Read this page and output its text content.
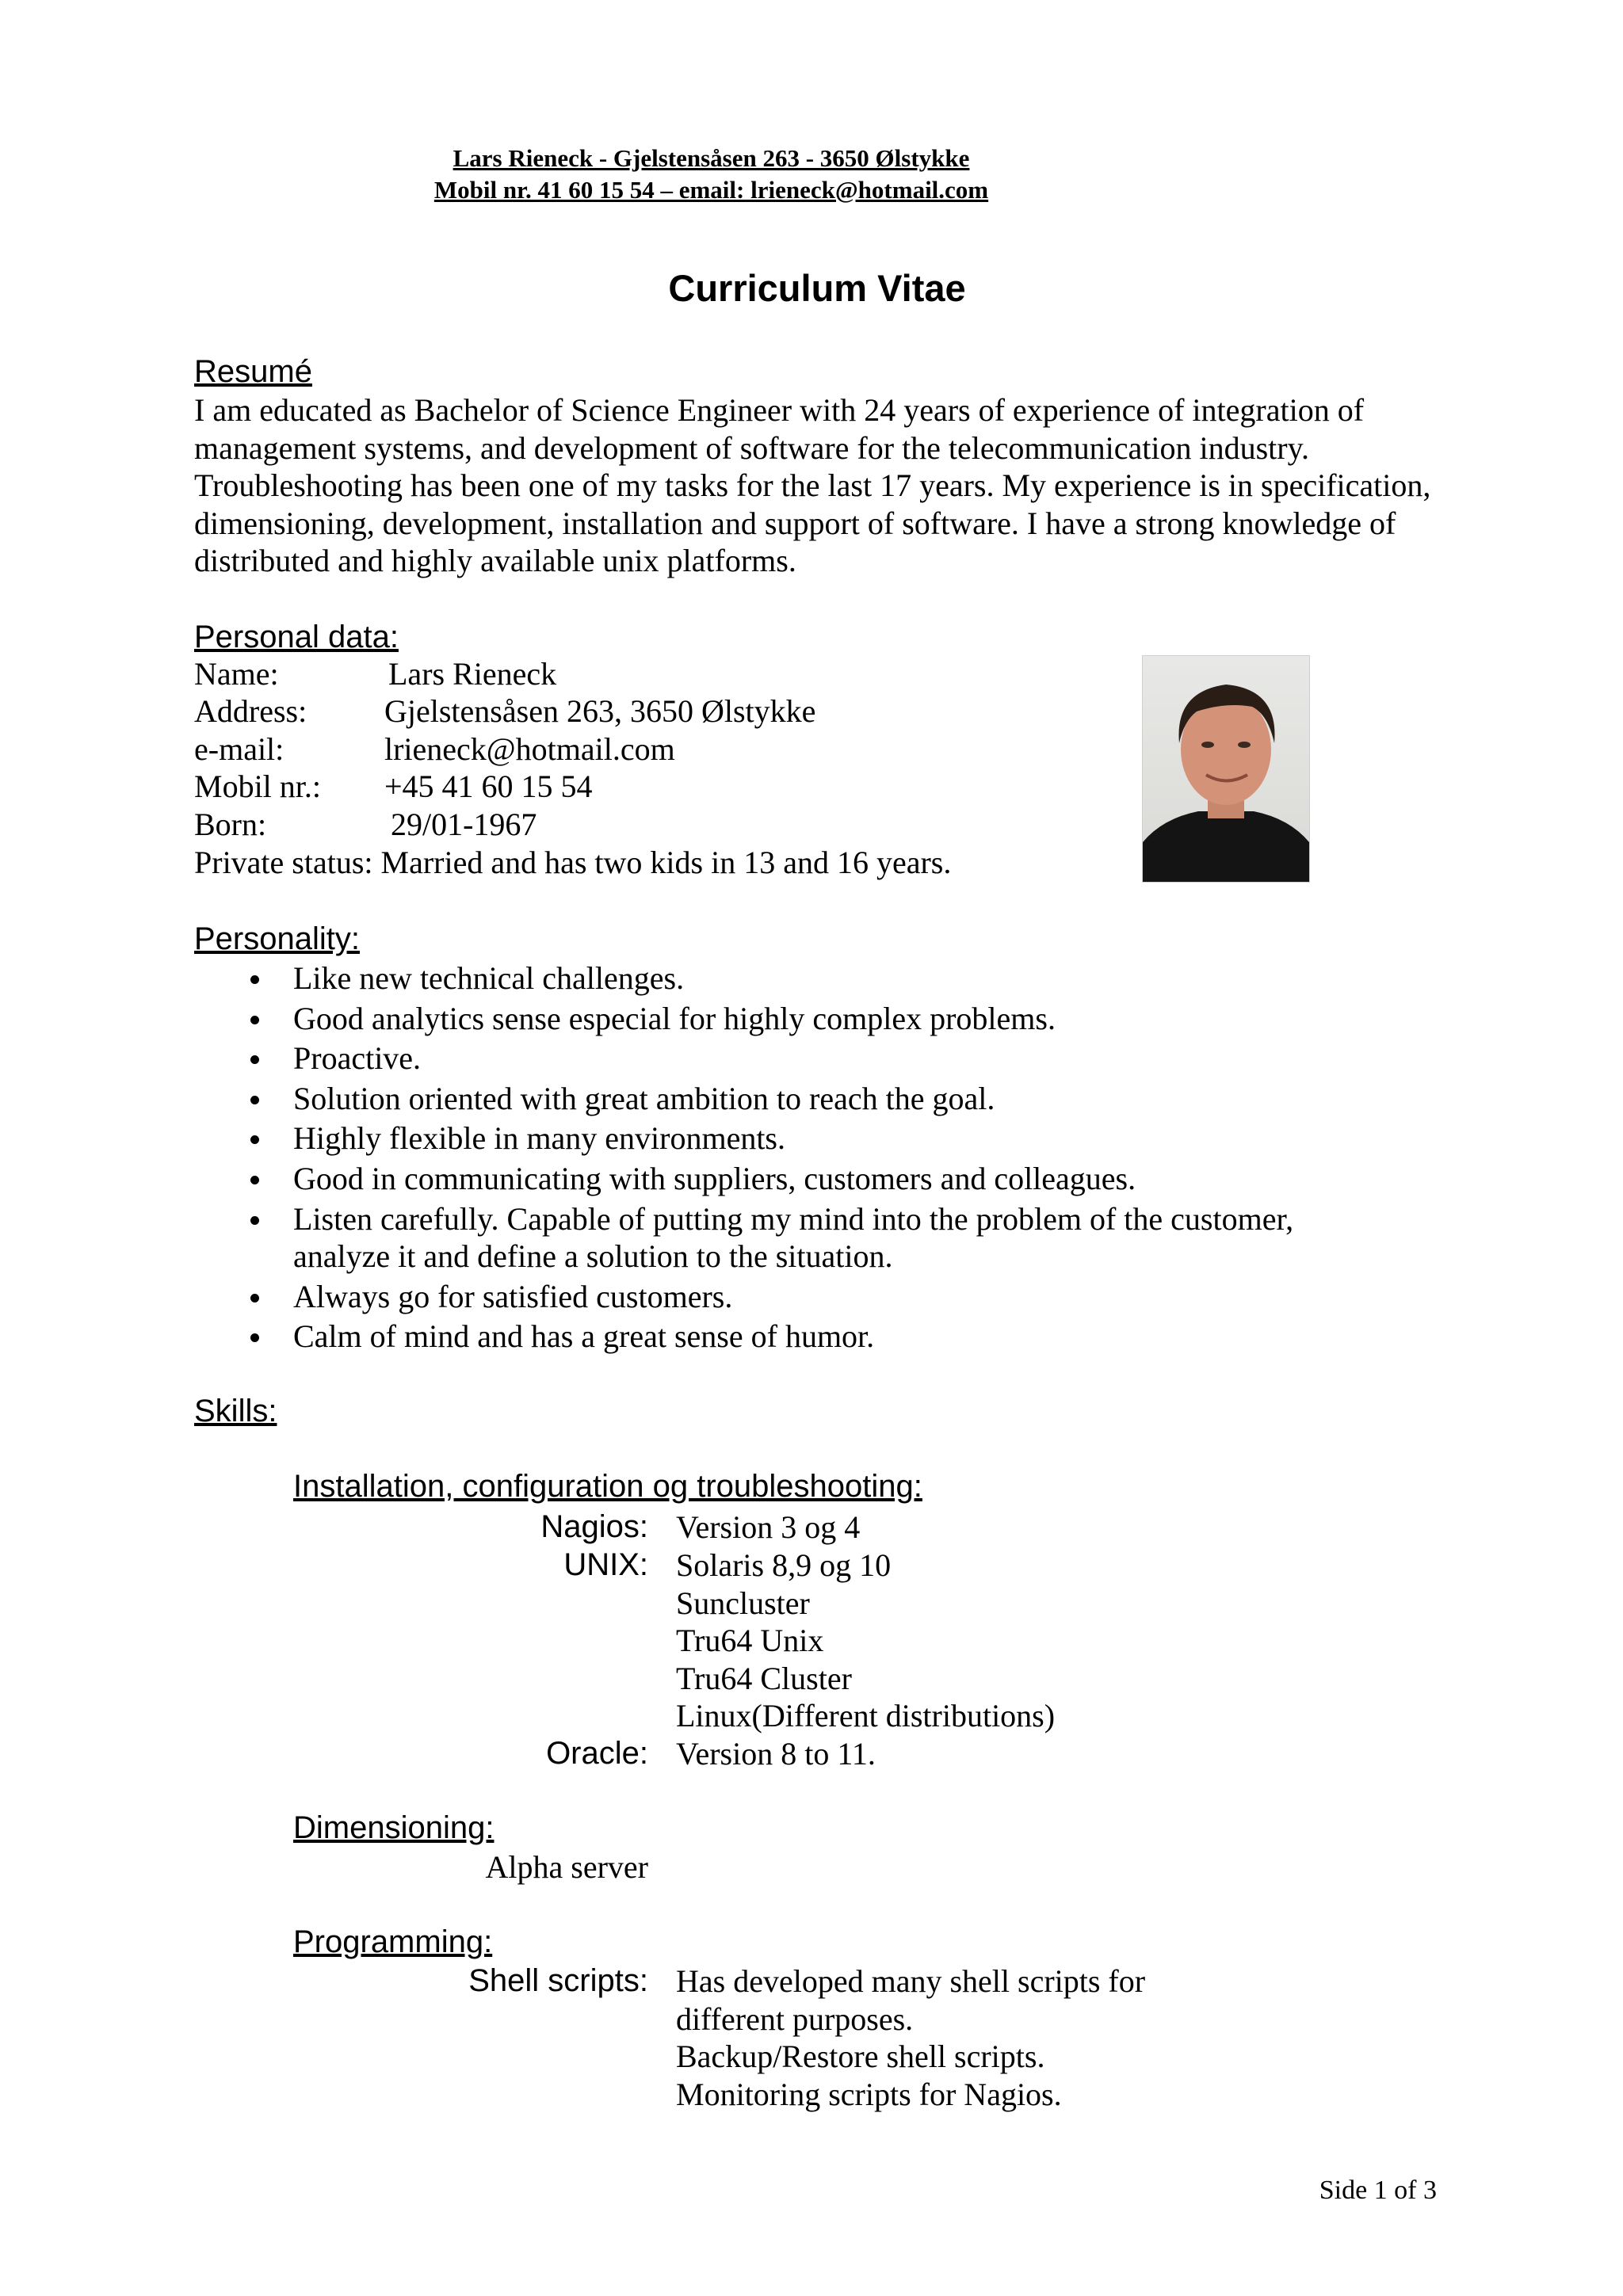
Lars Rieneck - Gjelstensåsen 263 - 3650 Ølstykke
Mobil nr. 41 60 15 54 – email: lrieneck@hotmail.com
Curriculum Vitae
Resumé
I am educated as Bachelor of Science Engineer with 24 years of experience of integration of management systems, and development of software for the telecommunication industry. Troubleshooting has been one of my tasks for the last 17 years. My experience is in specification, dimensioning, development, installation and support of software. I have a strong knowledge of distributed and highly available unix platforms.
Personal data:
Name:	Lars Rieneck
Address: Gjelstensåsen 263, 3650 Ølstykke
e-mail:	lrieneck@hotmail.com
Mobil nr.: +45 41 60 15 54
Born:	29/01-1967
Private status: Married and has two kids in 13 and 16 years.
Personality:
Like new technical challenges.
Good analytics sense especial for highly complex problems.
Proactive.
Solution oriented with great ambition to reach the goal.
Highly flexible in many environments.
Good in communicating with suppliers, customers and colleagues.
Listen carefully. Capable of putting my mind into the problem of the customer, analyze it and define a solution to the situation.
Always go for satisfied customers.
Calm of mind and has a great sense of humor.
Skills:
Installation, configuration og troubleshooting:
Nagios: Version 3 og 4
UNIX: Solaris 8,9 og 10
Suncluster
Tru64 Unix
Tru64 Cluster
Linux(Different distributions)
Oracle: Version 8 to 11.
Dimensioning:
Alpha server
Programming:
Shell scripts: Has developed many shell scripts for
different purposes.
Backup/Restore shell scripts.
Monitoring scripts for Nagios.
Side 1 of 3
